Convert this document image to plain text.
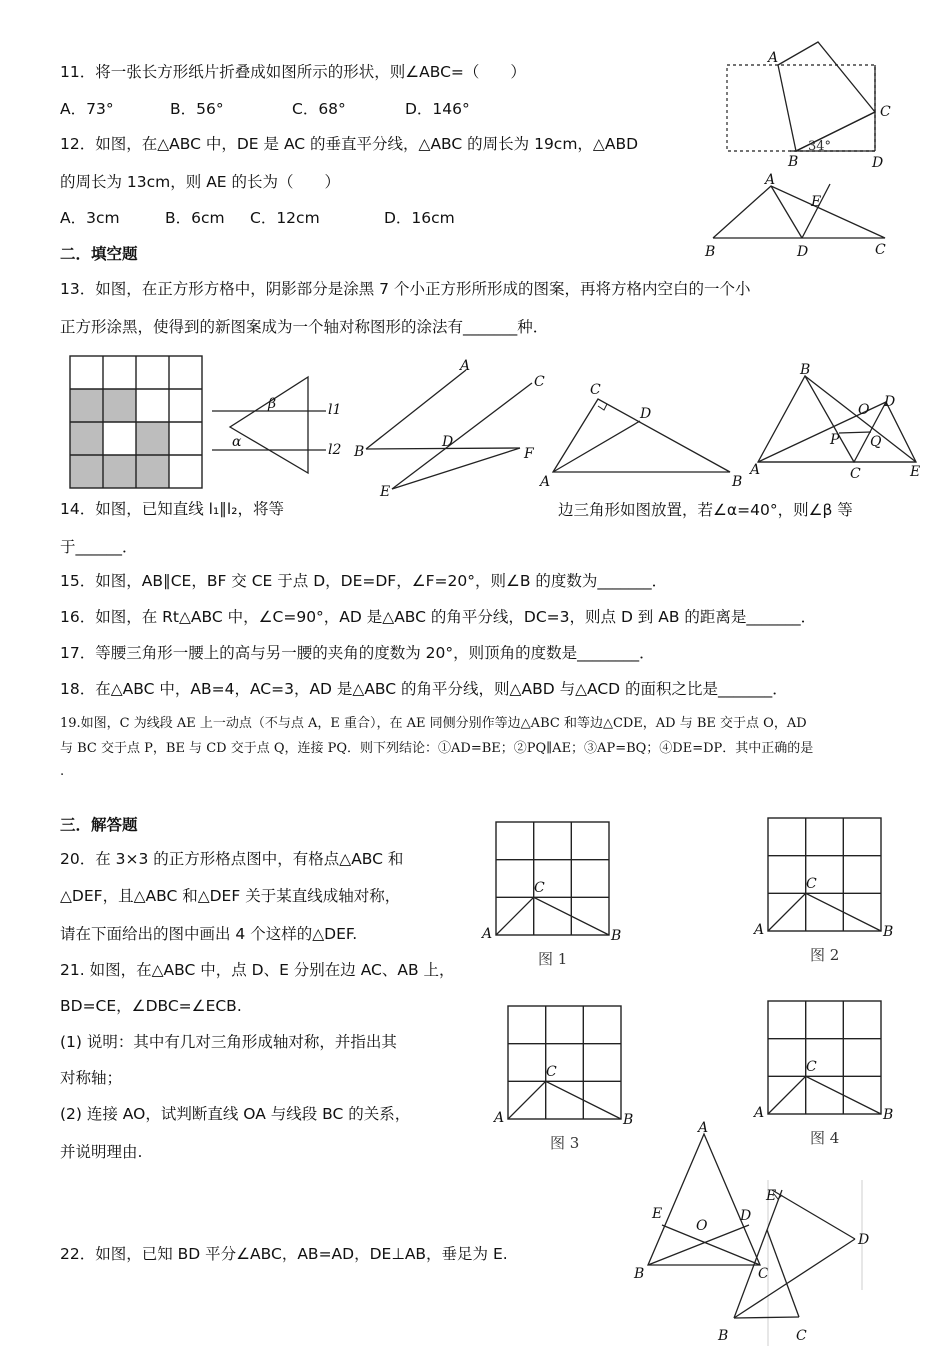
11．将一张长方形纸片折叠成如图所示的形状，则∠ABC=（　　）
A．73°	B．56°	C．68°	D．146°
12．如图，在△ABC 中，DE 是 AC 的垂直平分线，△ABC 的周长为 19cm，△ABD
的周长为 13cm，则 AE 的长为（　　）
A．3cm	B．6cm C．12cm	D．16cm
二．填空题
13．如图，在正方形方格中，阴影部分是涂黑 7 个小正方形所形成的图案，再将方格内空白的一个小
正方形涂黑，使得到的新图案成为一个轴对称图形的涂法有_______种．
14．如图，已知直线 l₁∥l₂，将等	边三角形如图放置，若∠α=40°，则∠β 等
于______．
15．如图，AB∥CE，BF 交 CE 于点 D，DE=DF，∠F=20°，则∠B 的度数为_______．
16．如图，在 Rt△ABC 中，∠C=90°，AD 是△ABC 的角平分线，DC=3，则点 D 到 AB 的距离是_______．
17．等腰三角形一腰上的高与另一腰的夹角的度数为 20°，则顶角的度数是________．
18．在△ABC 中，AB=4，AC=3，AD 是△ABC 的角平分线，则△ABD 与△ACD 的面积之比是_______．
19.如图，C 为线段 AE 上一动点（不与点 A，E 重合），在 AE 同侧分别作等边△ABC 和等边△CDE，AD 与 BE 交于点 O，AD
与 BC 交于点 P，BE 与 CD 交于点 Q，连接 PQ．则下列结论：①AD=BE；②PQ∥AE；③AP=BQ；④DE=DP．其中正确的是
.
三．解答题
20．在 3×3 的正方形格点图中，有格点△ABC 和
△DEF，且△ABC 和△DEF 关于某直线成轴对称，
请在下面给出的图中画出 4 个这样的△DEF.
21. 如图，在△ABC 中，点 D、E 分别在边 AC、AB 上，
BD=CE，∠DBC=∠ECB.
(1) 说明：其中有几对三角形成轴对称，并指出其
对称轴；
(2) 连接 AO，试判断直线 OA 与线段 BC 的关系，
并说明理由.
22．如图，已知 BD 平分∠ABC，AB=AD，DE⊥AB，垂足为 E.
A
B
C
D
34°
A
B	C
D
E
β
α
l1
l2
A
B
C
D
E
F
C
D
A	B
B
D
O
P Q
A	C	E
C
A	B
图 1
C
A	B
图 2
C
A	B
图 3
C
A	B
图 4
A
E	D
O
B	C
E
D
B	C
